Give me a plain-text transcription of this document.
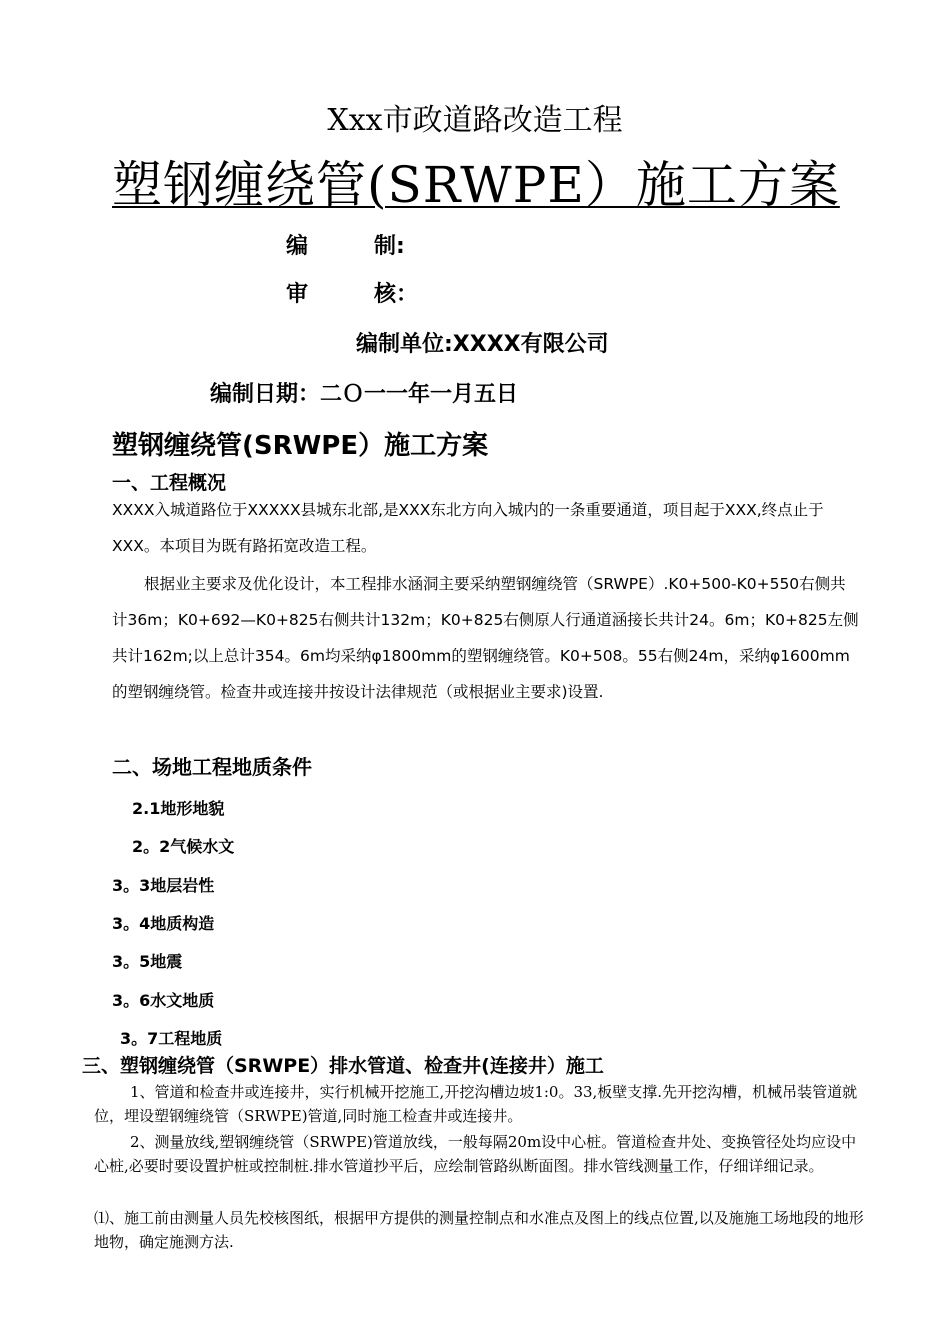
Xxx市政道路改造工程
塑钢缠绕管(SRWPE）施工方案
编　　　制:
审　　　核：
编制单位:XXXX有限公司
编制日期：二Ｏ一一年一月五日
塑钢缠绕管(SRWPE）施工方案
一、工程概况
XXXX入城道路位于XXXXX县城东北部,是XXX东北方向入城内的一条重要通道，项目起于XXX,终点止于XXX。本项目为既有路拓宽改造工程。
根据业主要求及优化设计，本工程排水涵洞主要采纳塑钢缠绕管（SRWPE）.K0+500-K0+550右侧共计36m；K0+692—K0+825右侧共计132m；K0+825右侧原人行通道涵接长共计24。6m；K0+825左侧共计162m;以上总计354。6m均采纳φ1800mm的塑钢缠绕管。K0+508。55右侧24m，采纳φ1600mm的塑钢缠绕管。检查井或连接井按设计法律规范（或根据业主要求)设置.
二、场地工程地质条件
2.1地形地貌
2。2气候水文
3。3地层岩性
3。4地质构造
3。5地震
3。6水文地质
3。7工程地质
三、塑钢缠绕管（SRWPE）排水管道、检查井(连接井）施工
1、管道和检查井或连接井，实行机械开挖施工,开挖沟槽边坡1:0。33,板壁支撑.先开挖沟槽，机械吊装管道就位，埋设塑钢缠绕管（SRWPE)管道,同时施工检查井或连接井。
2、测量放线,塑钢缠绕管（SRWPE)管道放线，一般每隔20m设中心桩。管道检查井处、变换管径处均应设中心桩,必要时要设置护桩或控制桩.排水管道抄平后，应绘制管路纵断面图。排水管线测量工作，仔细详细记录。
⑴、施工前由测量人员先校核图纸，根据甲方提供的测量控制点和水准点及图上的线点位置,以及施施工场地段的地形地物，确定施测方法.
